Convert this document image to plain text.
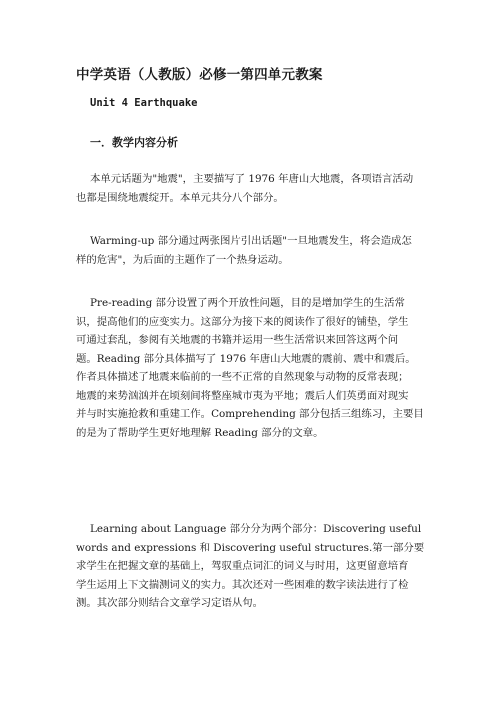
中学英语（人教版）必修一第四单元教案
Unit 4 Earthquake
一．教学内容分析
本单元话题为"地震"，主要描写了 1976 年唐山大地震，各项语言活动
也都是围绕地震绽开。本单元共分八个部分。
Warming-up 部分通过两张图片引出话题"一旦地震发生，将会造成怎
样的危害"，为后面的主题作了一个热身运动。
Pre-reading 部分设置了两个开放性问题，目的是增加学生的生活常
识，提高他们的应变实力。这部分为接下来的阅读作了很好的铺垫，学生
可通过套乱，参阅有关地震的书籍并运用一些生活常识来回答这两个问
题。Reading 部分具体描写了 1976 年唐山大地震的震前、震中和震后。
作者具体描述了地震来临前的一些不正常的自然现象与动物的反常表现；
地震的来势汹汹并在顷刻间将整座城市夷为平地；震后人们英勇面对现实
并与时实施抢救和重建工作。Comprehending 部分包括三组练习，主要目
的是为了帮助学生更好地理解 Reading 部分的文章。
Learning about Language 部分分为两个部分：Discovering useful
words and expressions 和 Discovering useful structures.第一部分要
求学生在把握文章的基础上，驾驭重点词汇的词义与时用，这更留意培育
学生运用上下文揣测词义的实力。其次还对一些困难的数字读法进行了检
测。其次部分则结合文章学习定语从句。
